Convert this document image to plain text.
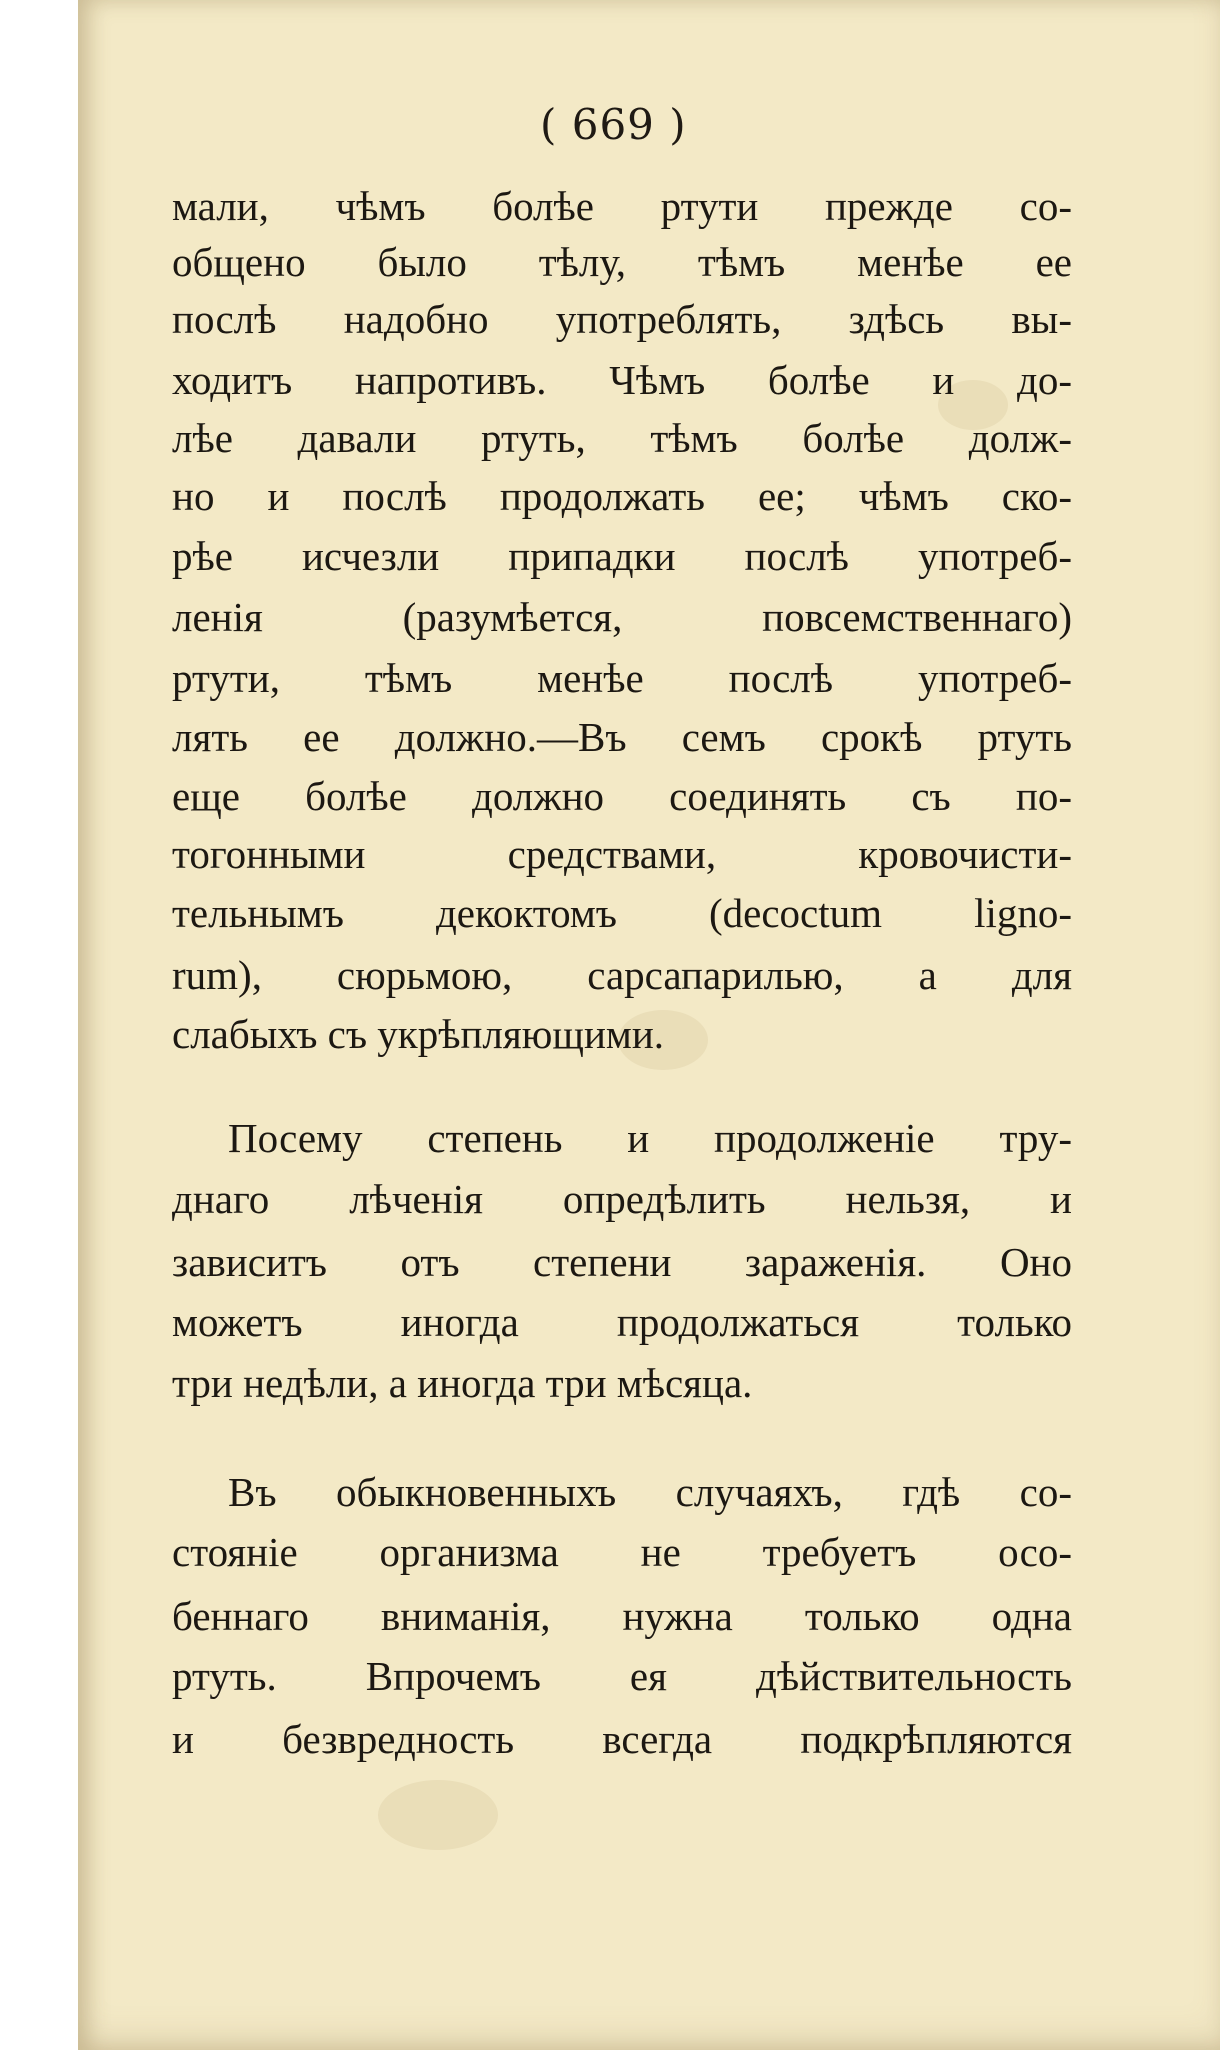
( 669 )
мали, чѣмъ болѣе ртути прежде со-
общено было тѣлу, тѣмъ менѣе ее
послѣ надобно употреблять, здѣсь вы-
ходитъ напротивъ. Чѣмъ болѣе и до-
лѣе давали ртуть, тѣмъ болѣе долж-
но и послѣ продолжать ее; чѣмъ ско-
рѣе исчезли припадки послѣ употреб-
ленія (разумѣется, повсемственнаго)
ртути, тѣмъ менѣе послѣ употреб-
лять ее должно.—Въ семъ срокѣ ртуть
еще болѣе должно соединять съ по-
тогонными средствами, кровочисти-
тельнымъ декоктомъ (decoctum ligno-
rum), сюрьмою, сарсапарилью, а для
слабыхъ съ укрѣпляющими.
Посему степень и продолженіе тру-
днаго лѣченія опредѣлить нельзя, и
зависитъ отъ степени зараженія. Оно
можетъ иногда продолжаться только
три недѣли, а иногда три мѣсяца.
Въ обыкновенныхъ случаяхъ, гдѣ со-
стояніе организма не требуетъ осо-
беннаго вниманія, нужна только одна
ртуть. Впрочемъ ея дѣйствительность
и безвредность всегда подкрѣпляются
